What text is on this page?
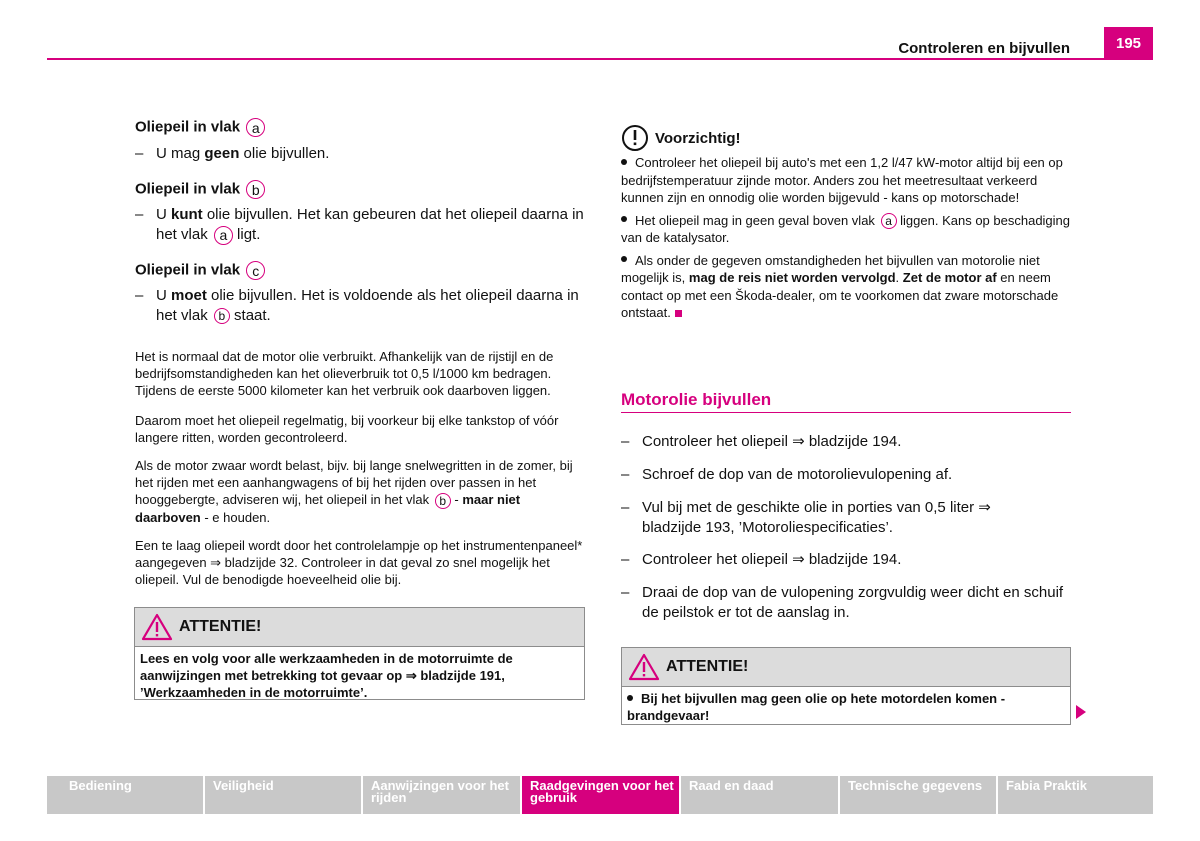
Controleren en bijvullen	195
Oliepeil in vlak a
– U mag geen olie bijvullen.
Oliepeil in vlak b
– U kunt olie bijvullen. Het kan gebeuren dat het oliepeil daarna in het vlak a ligt.
Oliepeil in vlak c
– U moet olie bijvullen. Het is voldoende als het oliepeil daarna in het vlak b staat.
Het is normaal dat de motor olie verbruikt. Afhankelijk van de rijstijl en de bedrijfsomstandigheden kan het olieverbruik tot 0,5 l/1000 km bedragen. Tijdens de eerste 5000 kilometer kan het verbruik ook daarboven liggen.
Daarom moet het oliepeil regelmatig, bij voorkeur bij elke tankstop of vóór langere ritten, worden gecontroleerd.
Als de motor zwaar wordt belast, bijv. bij lange snelwegritten in de zomer, bij het rijden met een aanhangwagens of bij het rijden over passen in het hooggebergte, adviseren wij, het oliepeil in het vlak b - maar niet daarboven - e houden.
Een te laag oliepeil wordt door het controlelampje op het instrumentenpaneel* aangegeven ⇒ bladzijde 32. Controleer in dat geval zo snel mogelijk het oliepeil. Vul de benodigde hoeveelheid olie bij.
ATTENTIE!
Lees en volg voor alle werkzaamheden in de motorruimte de aanwijzingen met betrekking tot gevaar op ⇒ bladzijde 191, ’Werkzaamheden in de motorruimte’.
Voorzichtig!
Controleer het oliepeil bij auto's met een 1,2 l/47 kW-motor altijd bij een op bedrijfstemperatuur zijnde motor. Anders zou het meetresultaat verkeerd kunnen zijn en onnodig olie worden bijgevuld - kans op motorschade!
Het oliepeil mag in geen geval boven vlak a liggen. Kans op beschadiging van de katalysator.
Als onder de gegeven omstandigheden het bijvullen van motorolie niet mogelijk is, mag de reis niet worden vervolgd. Zet de motor af en neem contact op met een Škoda-dealer, om te voorkomen dat zware motorschade ontstaat.
Motorolie bijvullen
– Controleer het oliepeil ⇒ bladzijde 194.
– Schroef de dop van de motorolievulopening af.
– Vul bij met de geschikte olie in porties van 0,5 liter ⇒ bladzijde 193, ’Motoroliespecificaties’.
– Controleer het oliepeil ⇒ bladzijde 194.
– Draai de dop van de vulopening zorgvuldig weer dicht en schuif de peilstok er tot de aanslag in.
ATTENTIE!
Bij het bijvullen mag geen olie op hete motordelen komen - brandgevaar!
Bediening	Veiligheid	Aanwijzingen voor het rijden
Raadgevingen voor het gebruik
Raad en daad	Technische gegevens	Fabia Praktik
